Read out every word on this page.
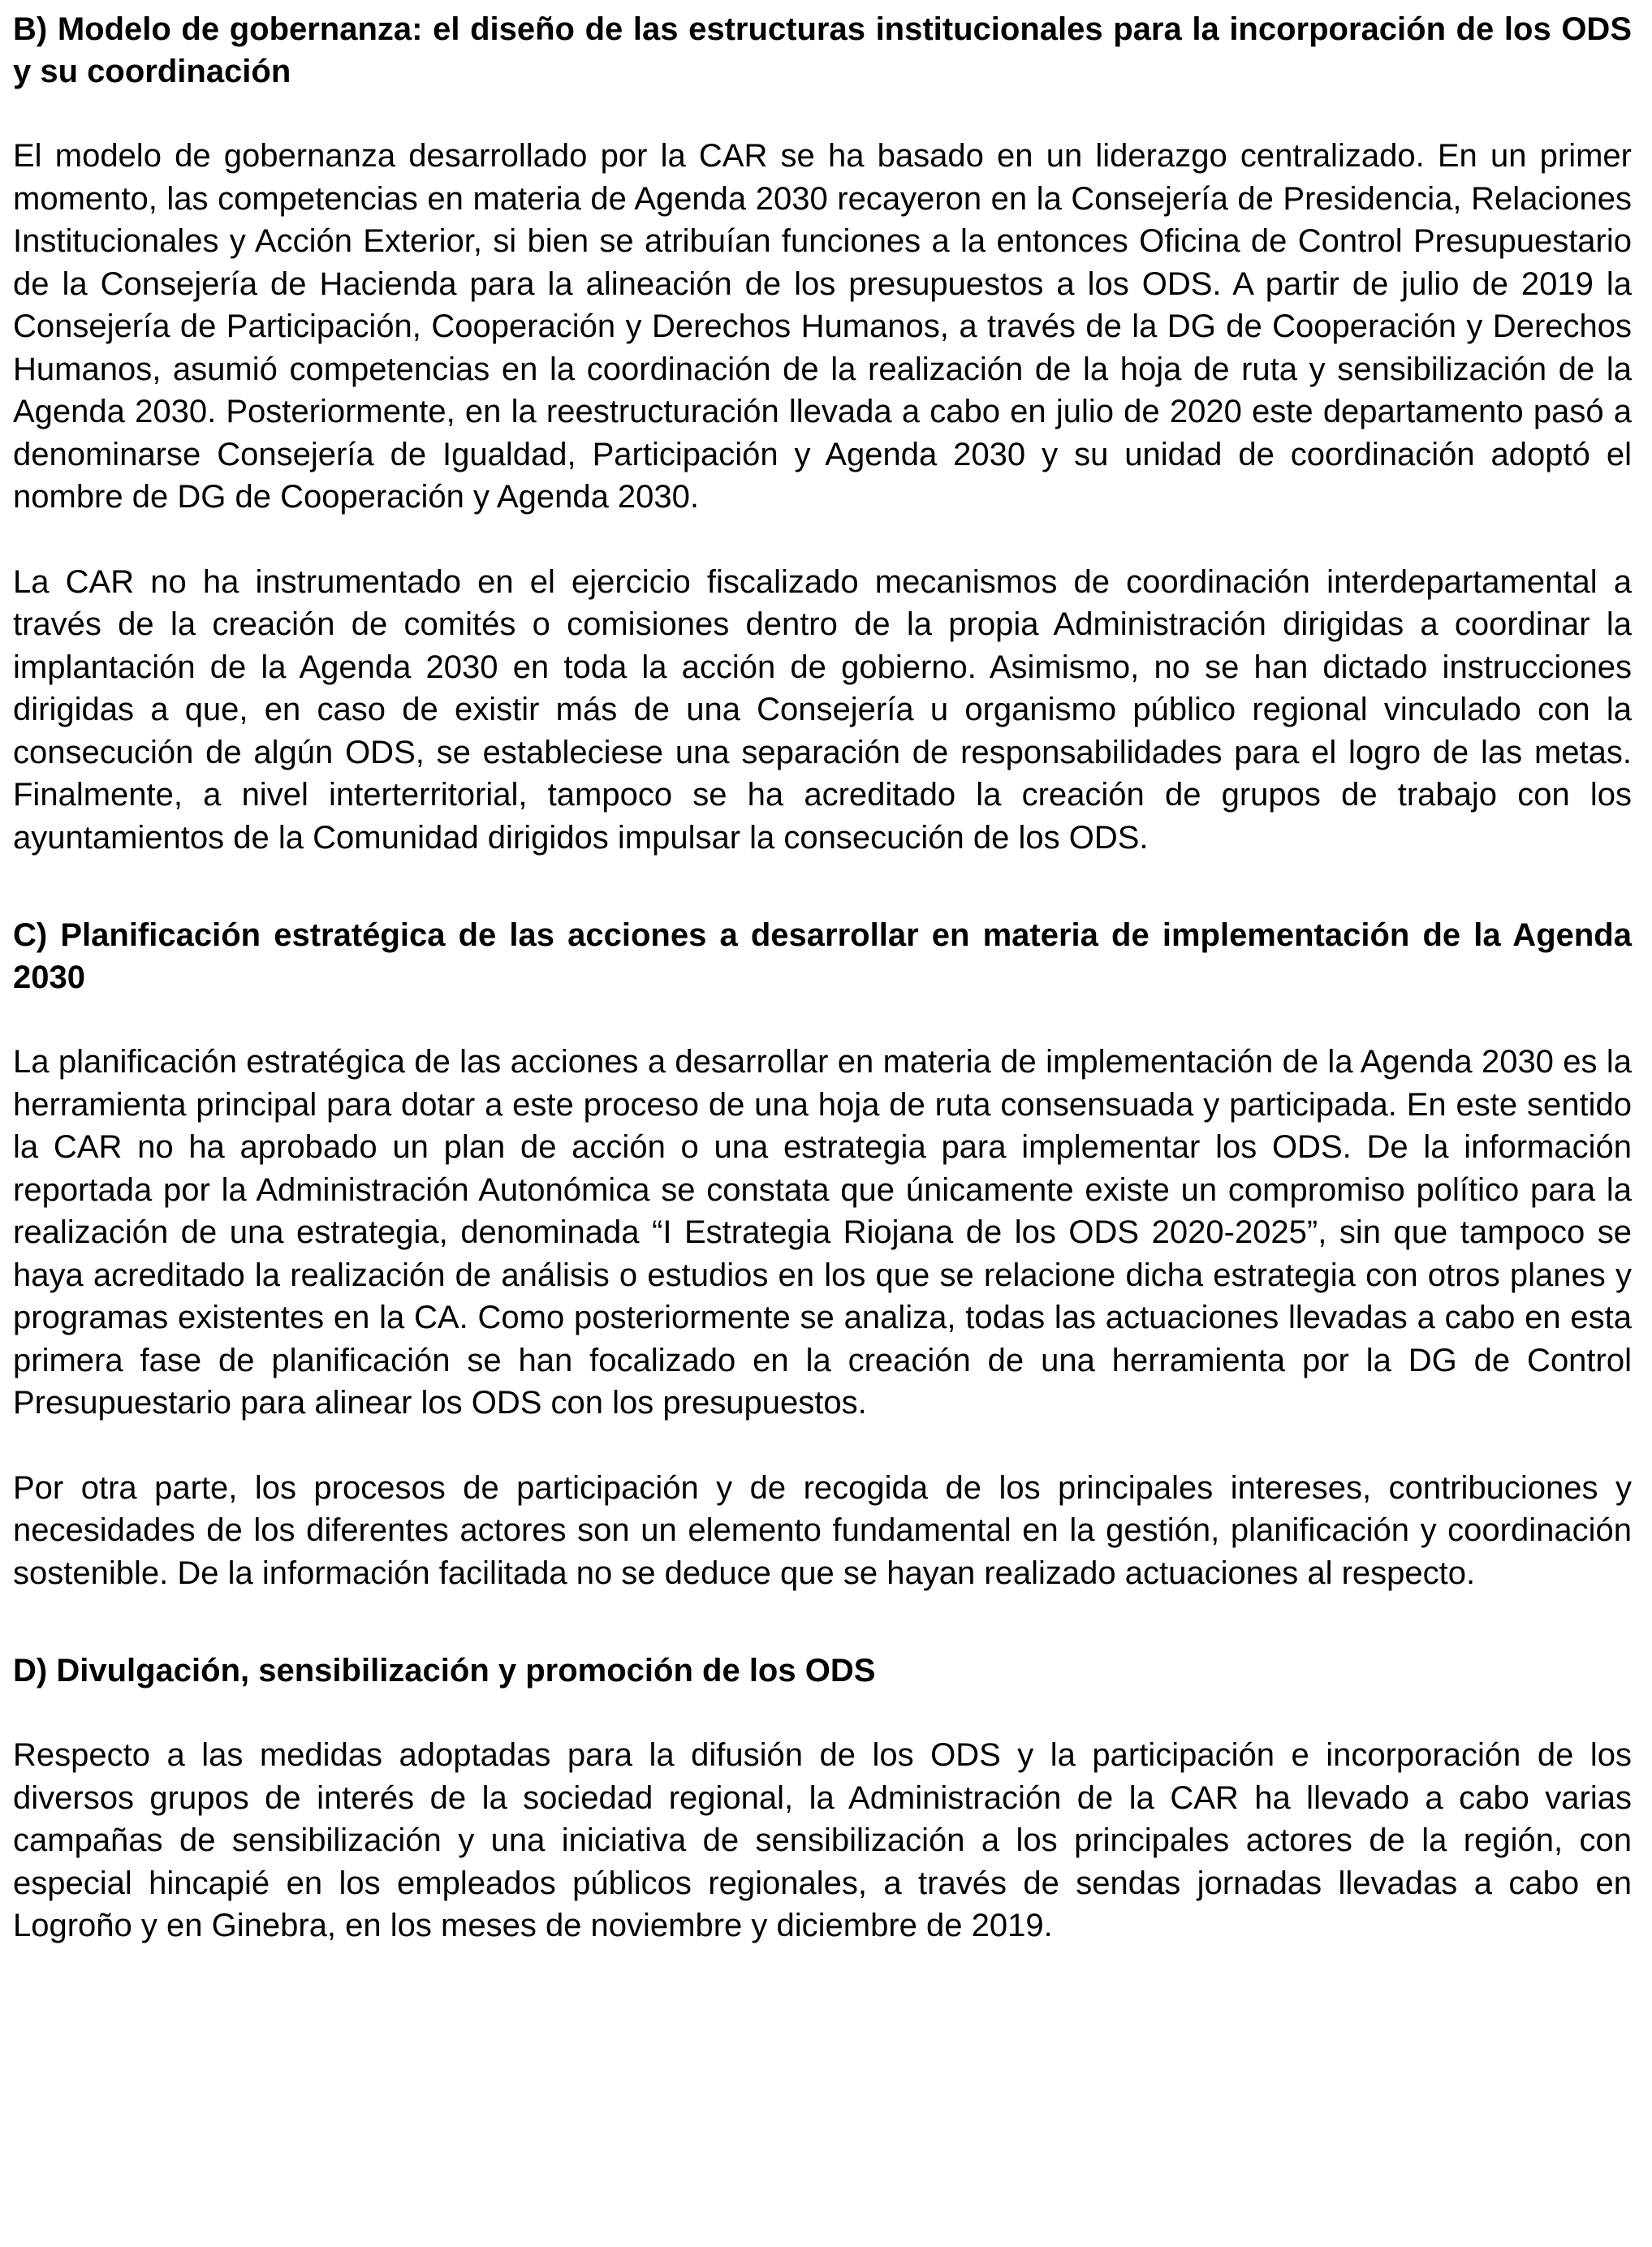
B) Modelo de gobernanza: el diseño de las estructuras institucionales para la incorporación de los ODS y su coordinación

El modelo de gobernanza desarrollado por la CAR se ha basado en un liderazgo centralizado. En un primer momento, las competencias en materia de Agenda 2030 recayeron en la Consejería de Presidencia, Relaciones Institucionales y Acción Exterior, si bien se atribuían funciones a la entonces Oficina de Control Presupuestario de la Consejería de Hacienda para la alineación de los presupuestos a los ODS. A partir de julio de 2019 la Consejería de Participación, Cooperación y Derechos Humanos, a través de la DG de Cooperación y Derechos Humanos, asumió competencias en la coordinación de la realización de la hoja de ruta y sensibilización de la Agenda 2030. Posteriormente, en la reestructuración llevada a cabo en julio de 2020 este departamento pasó a denominarse Consejería de Igualdad, Participación y Agenda 2030 y su unidad de coordinación adoptó el nombre de DG de Cooperación y Agenda 2030.

La CAR no ha instrumentado en el ejercicio fiscalizado mecanismos de coordinación interdepartamental a través de la creación de comités o comisiones dentro de la propia Administración dirigidas a coordinar la implantación de la Agenda 2030 en toda la acción de gobierno. Asimismo, no se han dictado instrucciones dirigidas a que, en caso de existir más de una Consejería u organismo público regional vinculado con la consecución de algún ODS, se estableciese una separación de responsabilidades para el logro de las metas. Finalmente, a nivel interterritorial, tampoco se ha acreditado la creación de grupos de trabajo con los ayuntamientos de la Comunidad dirigidos impulsar la consecución de los ODS.

C) Planificación estratégica de las acciones a desarrollar en materia de implementación de la Agenda 2030

La planificación estratégica de las acciones a desarrollar en materia de implementación de la Agenda 2030 es la herramienta principal para dotar a este proceso de una hoja de ruta consensuada y participada. En este sentido la CAR no ha aprobado un plan de acción o una estrategia para implementar los ODS. De la información reportada por la Administración Autonómica se constata que únicamente existe un compromiso político para la realización de una estrategia, denominada “I Estrategia Riojana de los ODS 2020-2025”, sin que tampoco se haya acreditado la realización de análisis o estudios en los que se relacione dicha estrategia con otros planes y programas existentes en la CA. Como posteriormente se analiza, todas las actuaciones llevadas a cabo en esta primera fase de planificación se han focalizado en la creación de una herramienta por la DG de Control Presupuestario para alinear los ODS con los presupuestos.

Por otra parte, los procesos de participación y de recogida de los principales intereses, contribuciones y necesidades de los diferentes actores son un elemento fundamental en la gestión, planificación y coordinación sostenible. De la información facilitada no se deduce que se hayan realizado actuaciones al respecto.

D) Divulgación, sensibilización y promoción de los ODS

Respecto a las medidas adoptadas para la difusión de los ODS y la participación e incorporación de los diversos grupos de interés de la sociedad regional, la Administración de la CAR ha llevado a cabo varias campañas de sensibilización y una iniciativa de sensibilización a los principales actores de la región, con especial hincapié en los empleados públicos regionales, a través de sendas jornadas llevadas a cabo en Logroño y en Ginebra, en los meses de noviembre y diciembre de 2019.
